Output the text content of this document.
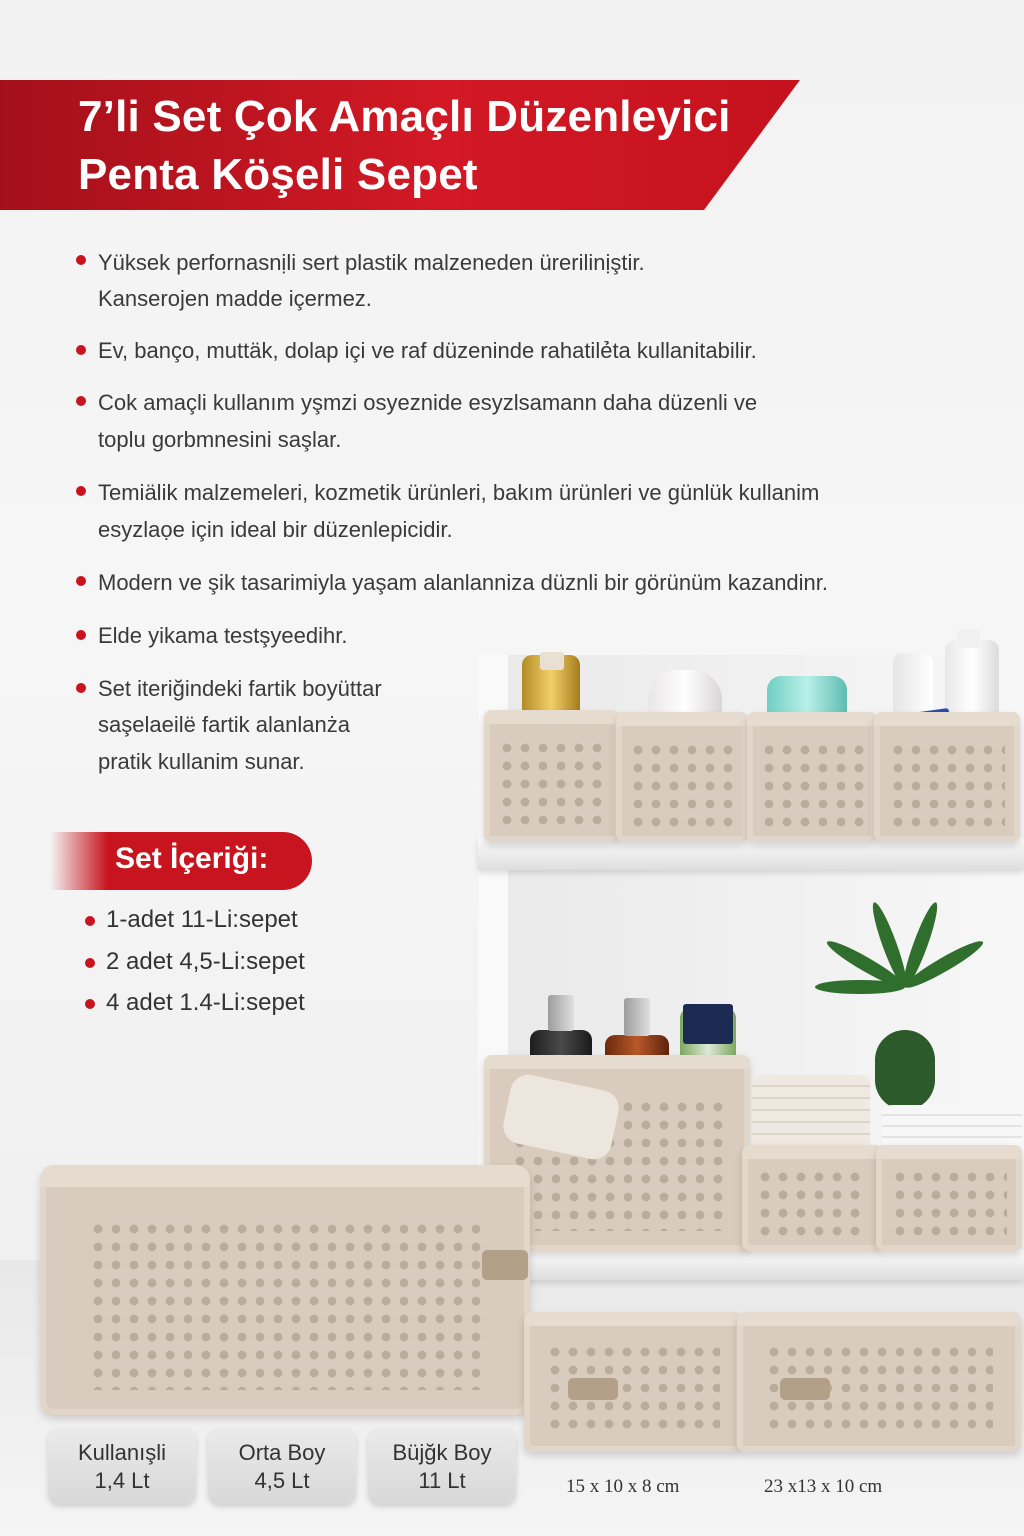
7’li Set Çok Amaçlı Düzenleyici
Penta Köşeli Sepet
Yüksek perfornasnịli sert plastik malzeneden ürerilinịştir.
Kanserojen madde içermez.
Ev, banço, muttäk, dolap içi ve raf düzeninde rahatilẻta kullanitabilir.
Cok amaçli kullanım yşmzi osyeznide esyzlsamann daha düzenli ve
toplu gorbmnesini saşlar.
Temiälik malzemeleri, kozmetik ürünleri, bakım ürünleri ve günlük kullanim
esyzlaọe için ideal bir düzenlepicidir.
Modern ve şik tasarimiyla yaşam alanlanniza düznli bir görünüm kazandinr.
Elde yikama testşyeedihr.
Set iteriğindeki fartik boyüttar
saşelaeilë fartik alanlanża
pratik kullanim sunar.
Set İçeriği:
1-adet 11-Li:sepet
2 adet 4,5-Li:sepet
4 adet 1.4-Li:sepet
Kullanışli
1,4 Lt
Orta Boy
4,5 Lt
Büjğk Boy
11 Lt	15 x 10 x 8 cm	23 x13 x 10 cm
